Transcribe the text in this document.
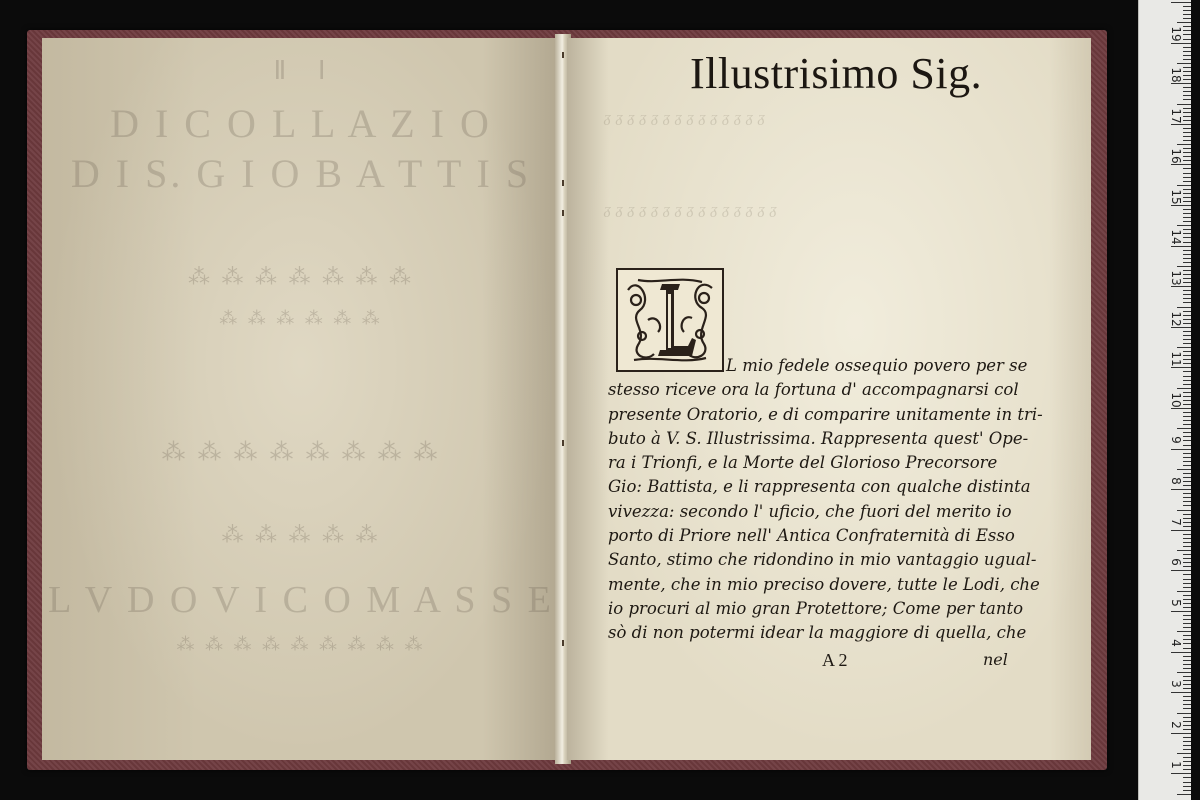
Ⅱ   Ⅰ
D I C O L L A Z I O
D I S. G I O B A T T I S
⁂ ⁂ ⁂ ⁂ ⁂ ⁂ ⁂
⁂ ⁂ ⁂ ⁂ ⁂ ⁂
⁂ ⁂ ⁂ ⁂ ⁂ ⁂ ⁂ ⁂
⁂ ⁂ ⁂ ⁂ ⁂
L V D O V I C O M A S S E
⁂ ⁂ ⁂ ⁂ ⁂ ⁂ ⁂ ⁂ ⁂
ᵹ ᵹ ᵹ ᵹ ᵹ ᵹ ᵹ ᵹ ᵹ ᵹ ᵹ ᵹ ᵹ ᵹ
ᵹ ᵹ ᵹ ᵹ ᵹ ᵹ ᵹ ᵹ ᵹ ᵹ ᵹ ᵹ ᵹ ᵹ ᵹ
Illustrisimo Sig.
L mio fedele ossequio povero per se
stesso riceve ora la fortuna d' accompagnarsi col
presente Oratorio, e di comparire unitamente in tri-
buto à V. S. Illustrissima. Rappresenta quest' Ope-
ra i Trionfi, e la Morte del Glorioso Precorsore
Gio: Battista, e li rappresenta con qualche distinta
vivezza: secondo l' uficio, che fuori del merito io
porto di Priore nell' Antica Confraternità di Esso
Santo, stimo che ridondino in mio vantaggio ugual-
mente, che in mio preciso dovere, tutte le Lodi, che
io procuri al mio gran Protettore; Come per tanto
sò di non potermi idear la maggiore di quella, che
A 2	nel
19
18
17
16
15
14
13
12
11
10
9
8
7
6
5
4
3
2
1
